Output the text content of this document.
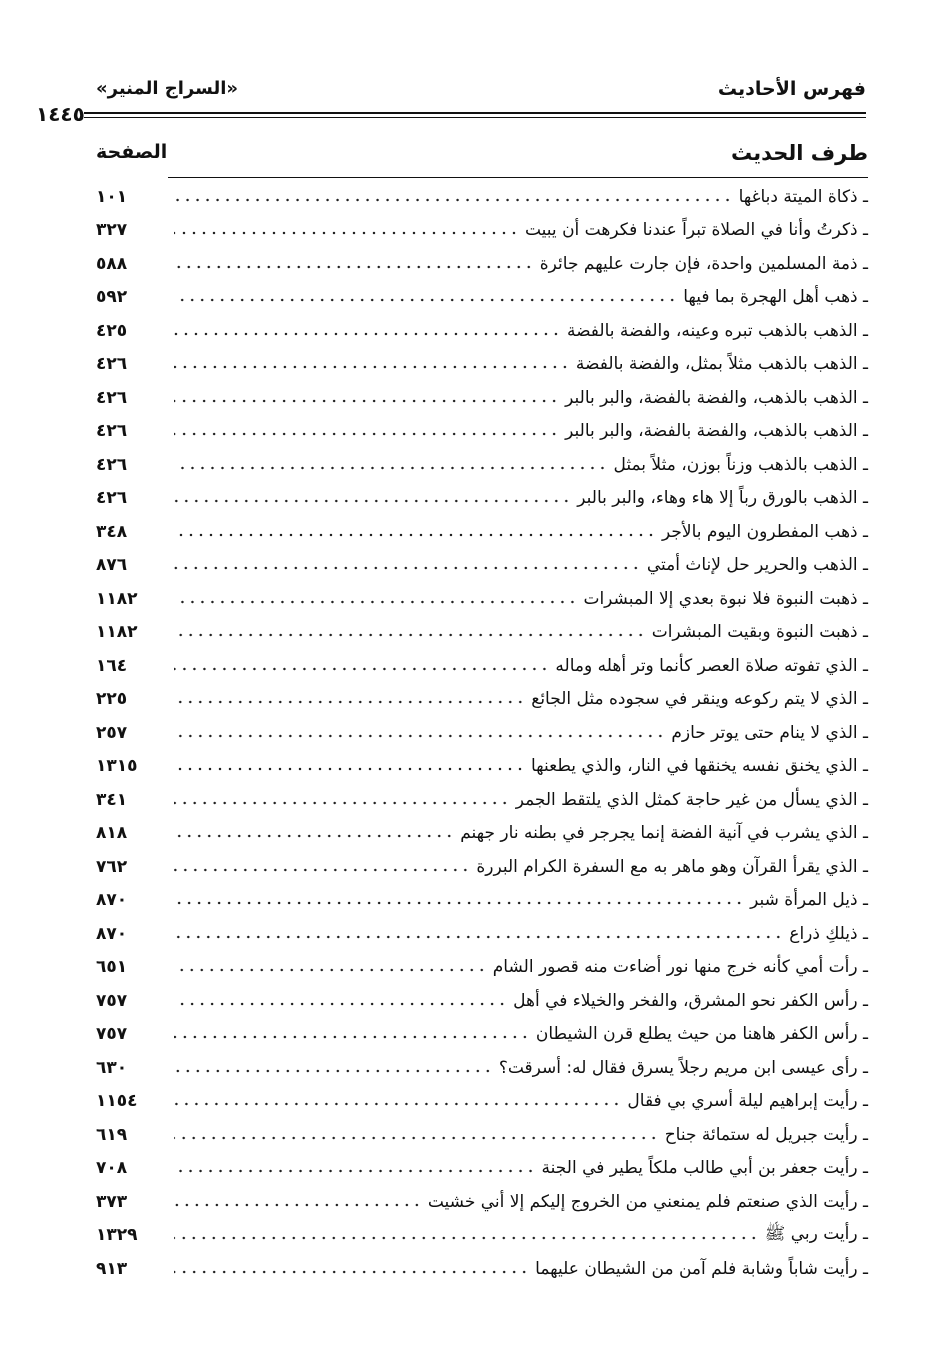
فهرس الأحاديث
«السراج المنير»
١٤٤٥
طرف الحديث
الصفحة
ـ ذكاة الميتة دباغها
١٠١
ـ ذكرتُ وأنا في الصلاة تبراً عندنا فكرهت أن يبيت
٣٢٧
ـ ذمة المسلمين واحدة، فإن جارت عليهم جائرة
٥٨٨
ـ ذهب أهل الهجرة بما فيها
٥٩٢
ـ الذهب بالذهب تبره وعينه، والفضة بالفضة
٤٢٥
ـ الذهب بالذهب مثلاً بمثل، والفضة بالفضة
٤٢٦
ـ الذهب بالذهب، والفضة بالفضة، والبر بالبر
٤٢٦
ـ الذهب بالذهب، والفضة بالفضة، والبر بالبر
٤٢٦
ـ الذهب بالذهب وزناً بوزن، مثلاً بمثل
٤٢٦
ـ الذهب بالورق رباً إلا هاء وهاء، والبر بالبر
٤٢٦
ـ ذهب المفطرون اليوم بالأجر
٣٤٨
ـ الذهب والحرير حل لإناث أمتي
٨٧٦
ـ ذهبت النبوة فلا نبوة بعدي إلا المبشرات
١١٨٢
ـ ذهبت النبوة وبقيت المبشرات
١١٨٢
ـ الذي تفوته صلاة العصر كأنما وتر أهله وماله
١٦٤
ـ الذي لا يتم ركوعه وينقر في سجوده مثل الجائع
٢٢٥
ـ الذي لا ينام حتى يوتر حازم
٢٥٧
ـ الذي يخنق نفسه يخنقها في النار، والذي يطعنها
١٣١٥
ـ الذي يسأل من غير حاجة كمثل الذي يلتقط الجمر
٣٤١
ـ الذي يشرب في آنية الفضة إنما يجرجر في بطنه نار جهنم
٨١٨
ـ الذي يقرأ القرآن وهو ماهر به مع السفرة الكرام البررة
٧٦٢
ـ ذيل المرأة شبر
٨٧٠
ـ ذيلكِ ذراع
٨٧٠
ـ رأت أمي كأنه خرج منها نور أضاءت منه قصور الشام
٦٥١
ـ رأس الكفر نحو المشرق، والفخر والخيلاء في أهل
٧٥٧
ـ رأس الكفر هاهنا من حيث يطلع قرن الشيطان
٧٥٧
ـ رأى عيسى ابن مريم رجلاً يسرق فقال له: أسرقت؟
٦٣٠
ـ رأيت إبراهيم ليلة أسري بي فقال
١١٥٤
ـ رأيت جبريل له ستمائة جناح
٦١٩
ـ رأيت جعفر بن أبي طالب ملكاً يطير في الجنة
٧٠٨
ـ رأيت الذي صنعتم فلم يمنعني من الخروج إليكم إلا أني خشيت
٣٧٣
ـ رأيت ربي ﷺ
١٣٢٩
ـ رأيت شاباً وشابة فلم آمن من الشيطان عليهما
٩١٣
